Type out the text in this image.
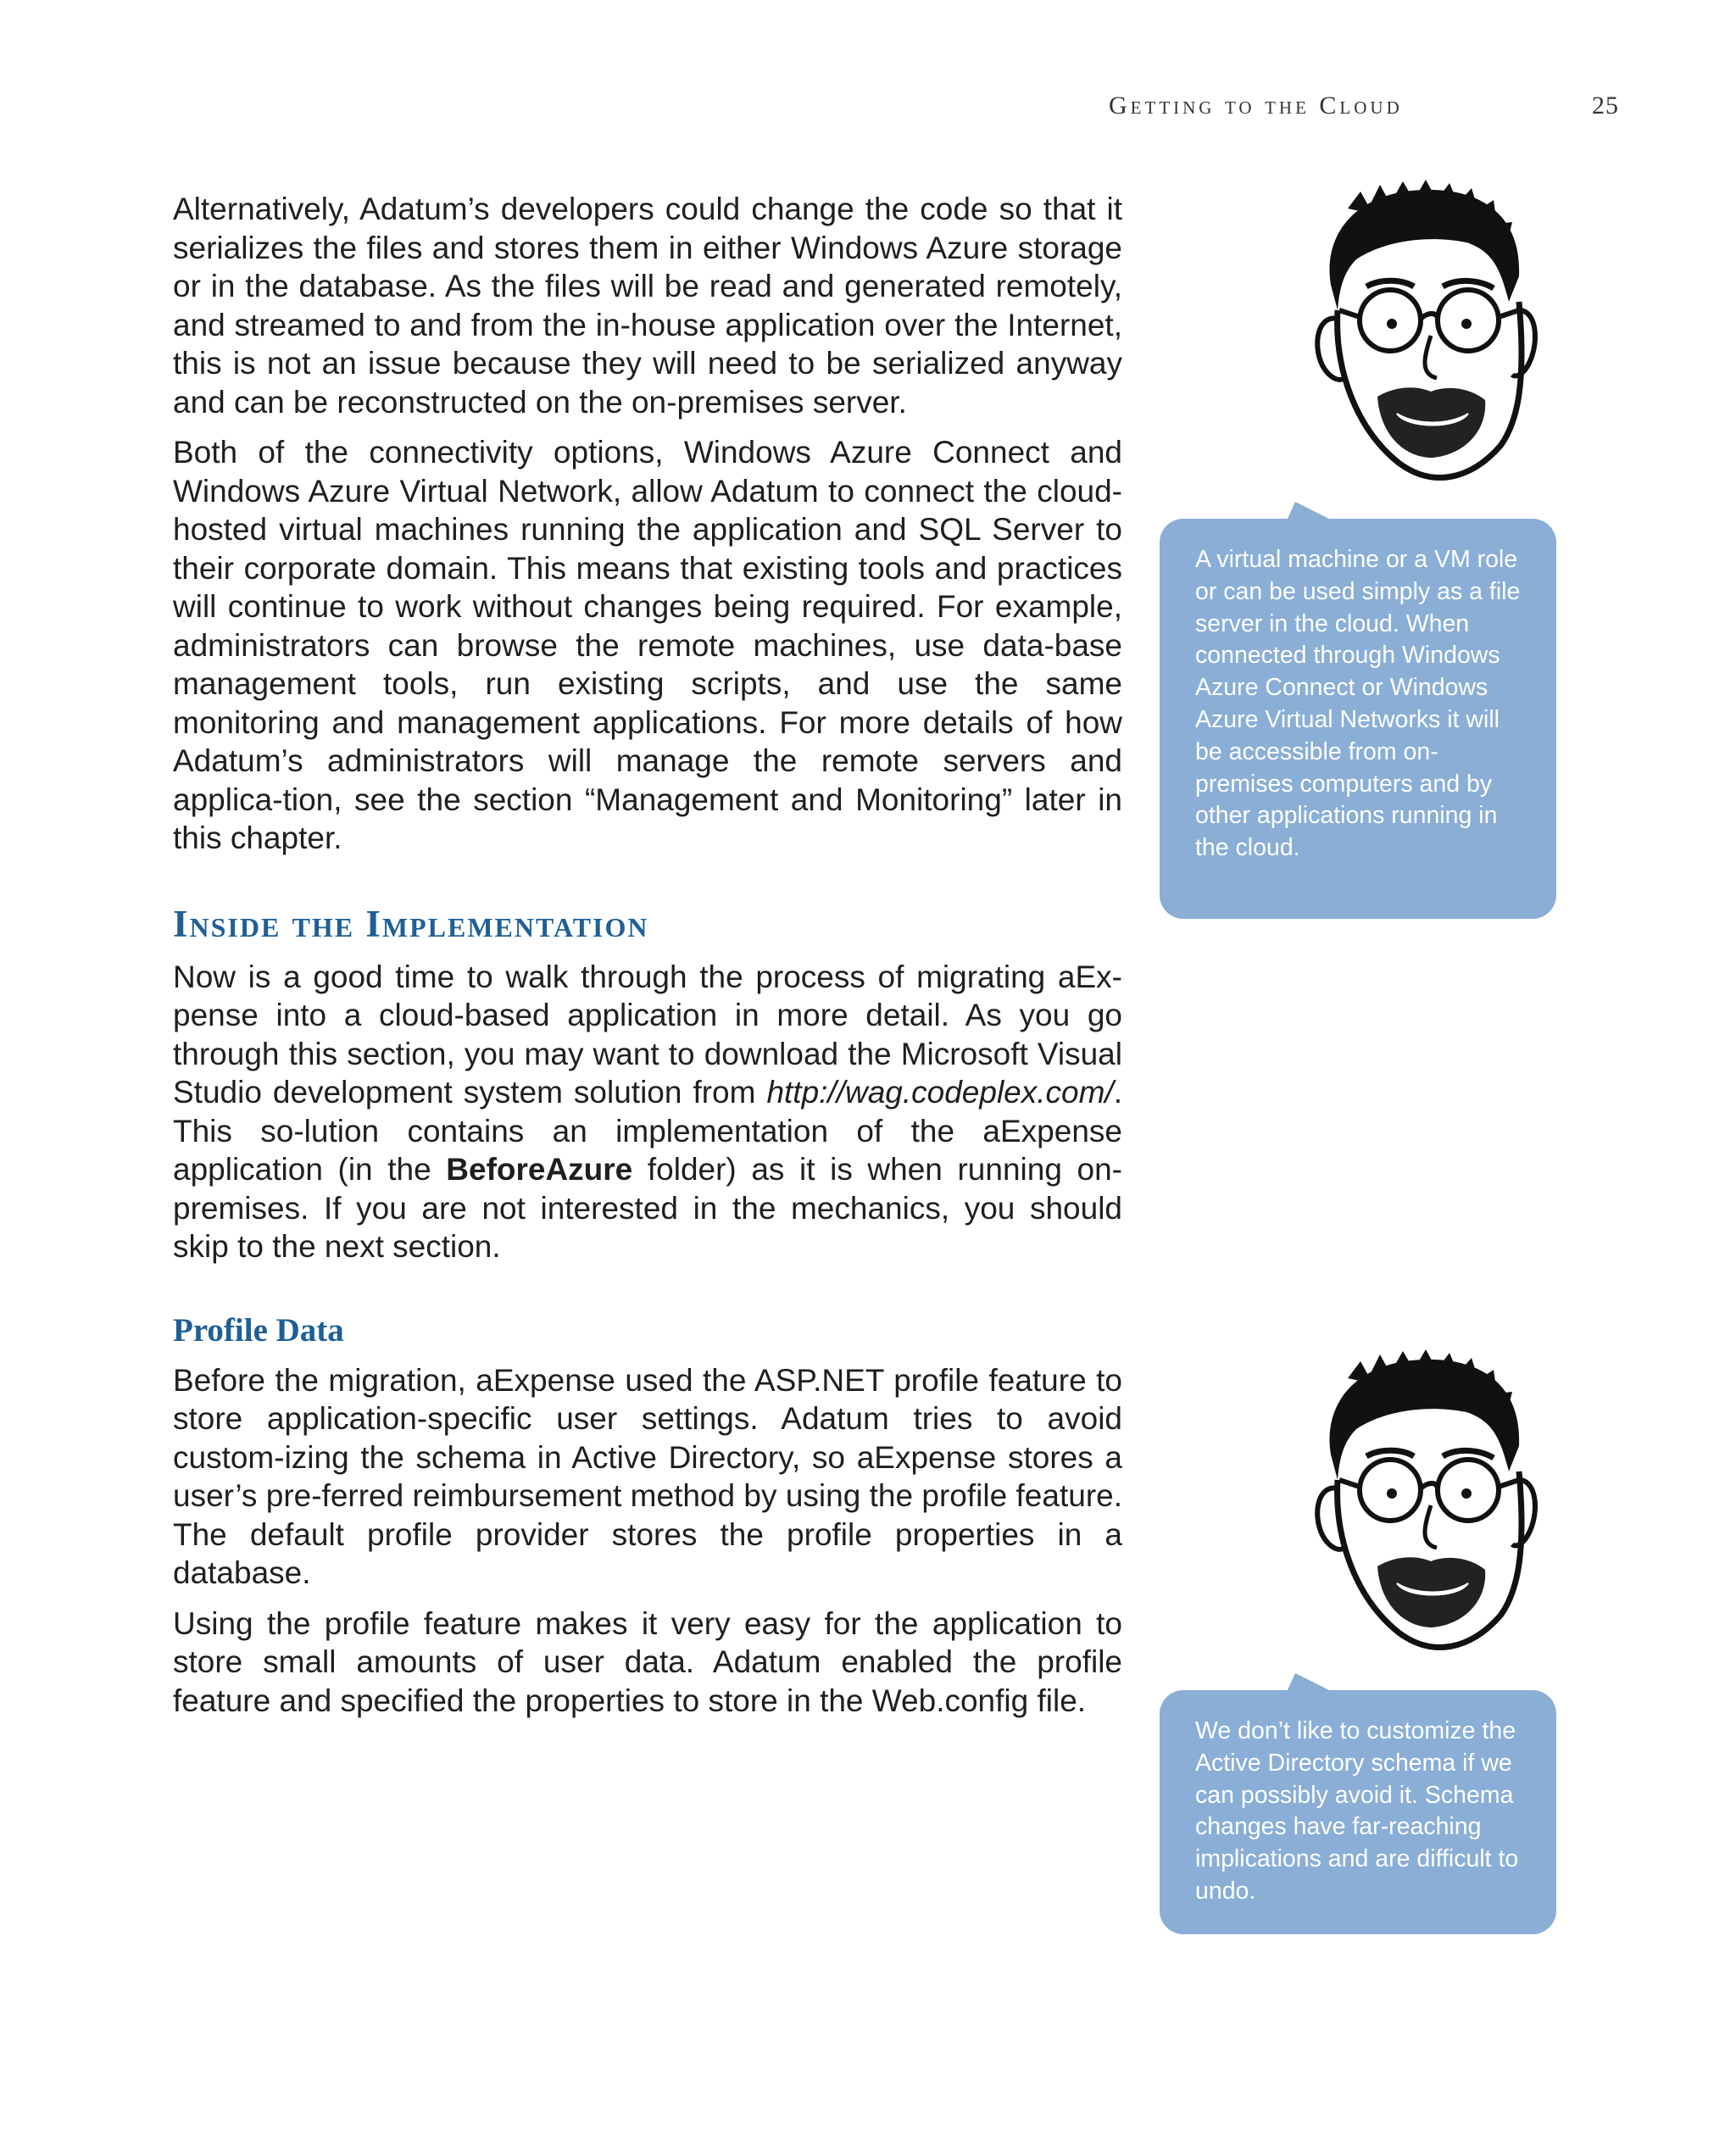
Getting to the Cloud	25

Alternatively, Adatum’s developers could change the code so that it serializes the files and stores them in either Windows Azure storage or in the database. As the files will be read and generated remotely, and streamed to and from the in-house application over the Internet, this is not an issue because they will need to be serialized anyway and can be reconstructed on the on-premises server.

Both of the connectivity options, Windows Azure Connect and Windows Azure Virtual Network, allow Adatum to connect the cloud-hosted virtual machines running the application and SQL Server to their corporate domain. This means that existing tools and practices will continue to work without changes being required. For example, administrators can browse the remote machines, use data-base management tools, run existing scripts, and use the same monitoring and management applications. For more details of how Adatum’s administrators will manage the remote servers and applica-tion, see the section “Management and Monitoring” later in this chapter.

Inside the Implementation

Now is a good time to walk through the process of migrating aEx-pense into a cloud-based application in more detail. As you go through this section, you may want to download the Microsoft Visual Studio development system solution from http://wag.codeplex.com/. This so-lution contains an implementation of the aExpense application (in the BeforeAzure folder) as it is when running on-premises. If you are not interested in the mechanics, you should skip to the next section.

Profile Data

Before the migration, aExpense used the ASP.NET profile feature to store application-specific user settings. Adatum tries to avoid custom-izing the schema in Active Directory, so aExpense stores a user’s pre-ferred reimbursement method by using the profile feature. The default profile provider stores the profile properties in a database.

Using the profile feature makes it very easy for the application to store small amounts of user data. Adatum enabled the profile feature and specified the properties to store in the Web.config file.

A virtual machine or a VM role or can be used simply as a file server in the cloud. When connected through Windows Azure Connect or Windows Azure Virtual Networks it will be accessible from on-premises computers and by other applications running in the cloud.
We don’t like to customize the Active Directory schema if we can possibly avoid it. Schema changes have far-reaching implications and are difficult to undo.
